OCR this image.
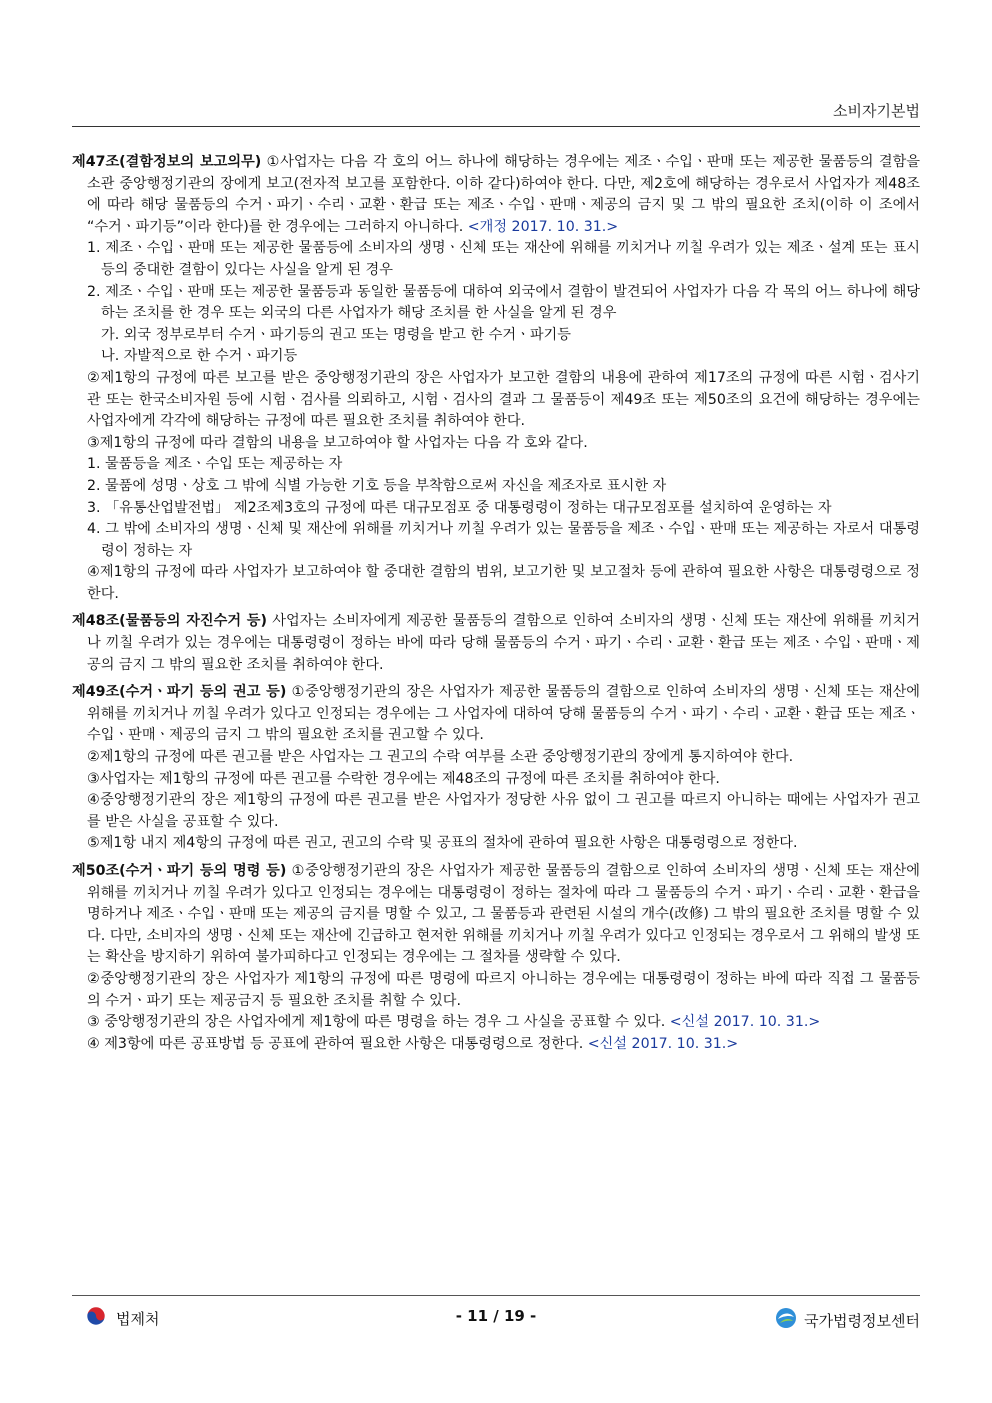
소비자기본법
제47조(결함정보의 보고의무) ①사업자는 다음 각 호의 어느 하나에 해당하는 경우에는 제조ㆍ수입ㆍ판매 또는 제공한 물품등의 결함을 소관 중앙행정기관의 장에게 보고(전자적 보고를 포함한다. 이하 같다)하여야 한다. 다만, 제2호에 해당하는 경우로서 사업자가 제48조에 따라 해당 물품등의 수거ㆍ파기ㆍ수리ㆍ교환ㆍ환급 또는 제조ㆍ수입ㆍ판매ㆍ제공의 금지 및 그 밖의 필요한 조치(이하 이 조에서 “수거ㆍ파기등”이라 한다)를 한 경우에는 그러하지 아니하다. <개정 2017. 10. 31.>
1. 제조ㆍ수입ㆍ판매 또는 제공한 물품등에 소비자의 생명ㆍ신체 또는 재산에 위해를 끼치거나 끼칠 우려가 있는 제조ㆍ설계 또는 표시 등의 중대한 결함이 있다는 사실을 알게 된 경우
2. 제조ㆍ수입ㆍ판매 또는 제공한 물품등과 동일한 물품등에 대하여 외국에서 결함이 발견되어 사업자가 다음 각 목의 어느 하나에 해당하는 조치를 한 경우 또는 외국의 다른 사업자가 해당 조치를 한 사실을 알게 된 경우
가. 외국 정부로부터 수거ㆍ파기등의 권고 또는 명령을 받고 한 수거ㆍ파기등
나. 자발적으로 한 수거ㆍ파기등
②제1항의 규정에 따른 보고를 받은 중앙행정기관의 장은 사업자가 보고한 결함의 내용에 관하여 제17조의 규정에 따른 시험ㆍ검사기관 또는 한국소비자원 등에 시험ㆍ검사를 의뢰하고, 시험ㆍ검사의 결과 그 물품등이 제49조 또는 제50조의 요건에 해당하는 경우에는 사업자에게 각각에 해당하는 규정에 따른 필요한 조치를 취하여야 한다.
③제1항의 규정에 따라 결함의 내용을 보고하여야 할 사업자는 다음 각 호와 같다.
1. 물품등을 제조ㆍ수입 또는 제공하는 자
2. 물품에 성명ㆍ상호 그 밖에 식별 가능한 기호 등을 부착함으로써 자신을 제조자로 표시한 자
3. 「유통산업발전법」 제2조제3호의 규정에 따른 대규모점포 중 대통령령이 정하는 대규모점포를 설치하여 운영하는 자
4. 그 밖에 소비자의 생명ㆍ신체 및 재산에 위해를 끼치거나 끼칠 우려가 있는 물품등을 제조ㆍ수입ㆍ판매 또는 제공하는 자로서 대통령령이 정하는 자
④제1항의 규정에 따라 사업자가 보고하여야 할 중대한 결함의 범위, 보고기한 및 보고절차 등에 관하여 필요한 사항은 대통령령으로 정한다.
제48조(물품등의 자진수거 등) 사업자는 소비자에게 제공한 물품등의 결함으로 인하여 소비자의 생명ㆍ신체 또는 재산에 위해를 끼치거나 끼칠 우려가 있는 경우에는 대통령령이 정하는 바에 따라 당해 물품등의 수거ㆍ파기ㆍ수리ㆍ교환ㆍ환급 또는 제조ㆍ수입ㆍ판매ㆍ제공의 금지 그 밖의 필요한 조치를 취하여야 한다.
제49조(수거ㆍ파기 등의 권고 등) ①중앙행정기관의 장은 사업자가 제공한 물품등의 결함으로 인하여 소비자의 생명ㆍ신체 또는 재산에 위해를 끼치거나 끼칠 우려가 있다고 인정되는 경우에는 그 사업자에 대하여 당해 물품등의 수거ㆍ파기ㆍ수리ㆍ교환ㆍ환급 또는 제조ㆍ수입ㆍ판매ㆍ제공의 금지 그 밖의 필요한 조치를 권고할 수 있다.
②제1항의 규정에 따른 권고를 받은 사업자는 그 권고의 수락 여부를 소관 중앙행정기관의 장에게 통지하여야 한다.
③사업자는 제1항의 규정에 따른 권고를 수락한 경우에는 제48조의 규정에 따른 조치를 취하여야 한다.
④중앙행정기관의 장은 제1항의 규정에 따른 권고를 받은 사업자가 정당한 사유 없이 그 권고를 따르지 아니하는 때에는 사업자가 권고를 받은 사실을 공표할 수 있다.
⑤제1항 내지 제4항의 규정에 따른 권고, 권고의 수락 및 공표의 절차에 관하여 필요한 사항은 대통령령으로 정한다.
제50조(수거ㆍ파기 등의 명령 등) ①중앙행정기관의 장은 사업자가 제공한 물품등의 결함으로 인하여 소비자의 생명ㆍ신체 또는 재산에 위해를 끼치거나 끼칠 우려가 있다고 인정되는 경우에는 대통령령이 정하는 절차에 따라 그 물품등의 수거ㆍ파기ㆍ수리ㆍ교환ㆍ환급을 명하거나 제조ㆍ수입ㆍ판매 또는 제공의 금지를 명할 수 있고, 그 물품등과 관련된 시설의 개수(改修) 그 밖의 필요한 조치를 명할 수 있다. 다만, 소비자의 생명ㆍ신체 또는 재산에 긴급하고 현저한 위해를 끼치거나 끼칠 우려가 있다고 인정되는 경우로서 그 위해의 발생 또는 확산을 방지하기 위하여 불가피하다고 인정되는 경우에는 그 절차를 생략할 수 있다.
②중앙행정기관의 장은 사업자가 제1항의 규정에 따른 명령에 따르지 아니하는 경우에는 대통령령이 정하는 바에 따라 직접 그 물품등의 수거ㆍ파기 또는 제공금지 등 필요한 조치를 취할 수 있다.
③ 중앙행정기관의 장은 사업자에게 제1항에 따른 명령을 하는 경우 그 사실을 공표할 수 있다. <신설 2017. 10. 31.>
④ 제3항에 따른 공표방법 등 공표에 관하여 필요한 사항은 대통령령으로 정한다. <신설 2017. 10. 31.>
법제처	- 11 / 19 -	국가법령정보센터
